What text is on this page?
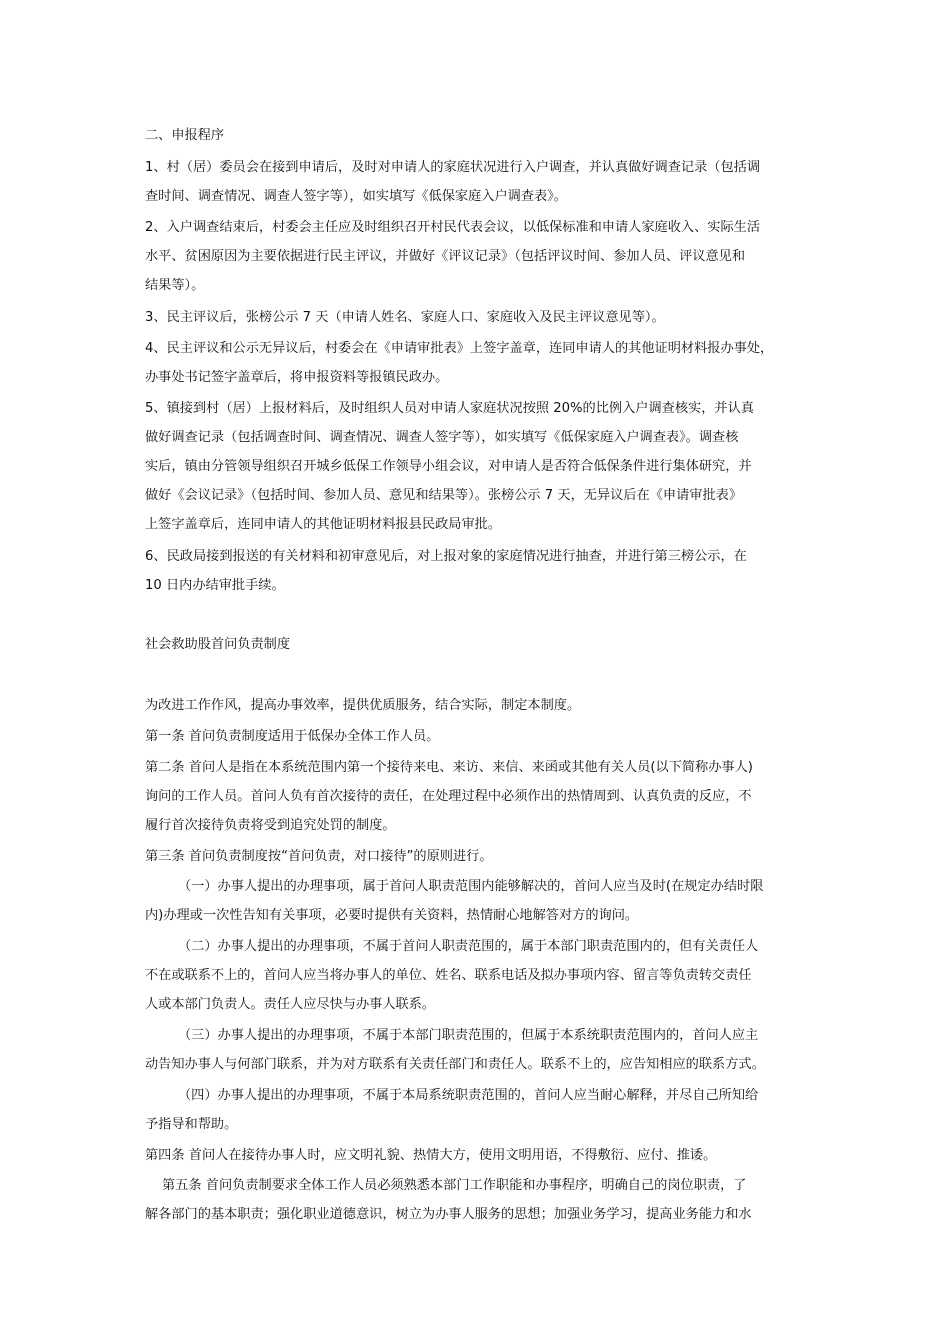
二、申报程序

1、村（居）委员会在接到申请后，及时对申请人的家庭状况进行入户调查，并认真做好调查记录（包括调

查时间、调查情况、调查人签字等），如实填写《低保家庭入户调查表》。

2、入户调查结束后，村委会主任应及时组织召开村民代表会议，以低保标准和申请人家庭收入、实际生活

水平、贫困原因为主要依据进行民主评议，并做好《评议记录》（包括评议时间、参加人员、评议意见和

结果等）。

3、民主评议后，张榜公示 7 天（申请人姓名、家庭人口、家庭收入及民主评议意见等）。

4、民主评议和公示无异议后，村委会在《申请审批表》上签字盖章，连同申请人的其他证明材料报办事处，

办事处书记签字盖章后，将申报资料等报镇民政办。

5、镇接到村（居）上报材料后，及时组织人员对申请人家庭状况按照 20%的比例入户调查核实，并认真

做好调查记录（包括调查时间、调查情况、调查人签字等），如实填写《低保家庭入户调查表》。调查核

实后，镇由分管领导组织召开城乡低保工作领导小组会议，对申请人是否符合低保条件进行集体研究，并

做好《会议记录》（包括时间、参加人员、意见和结果等）。张榜公示 7 天，无异议后在《申请审批表》

上签字盖章后，连同申请人的其他证明材料报县民政局审批。

6、民政局接到报送的有关材料和初审意见后，对上报对象的家庭情况进行抽查，并进行第三榜公示，在

10 日内办结审批手续。

社会救助股首问负责制度

为改进工作作风，提高办事效率，提供优质服务，结合实际，制定本制度。

第一条 首问负责制度适用于低保办全体工作人员。

第二条 首问人是指在本系统范围内第一个接待来电、来访、来信、来函或其他有关人员(以下简称办事人)

询问的工作人员。首问人负有首次接待的责任，在处理过程中必须作出的热情周到、认真负责的反应，不

履行首次接待负责将受到追究处罚的制度。

第三条 首问负责制度按“首问负责，对口接待”的原则进行。

（一）办事人提出的办理事项，属于首问人职责范围内能够解决的，首问人应当及时(在规定办结时限

内)办理或一次性告知有关事项，必要时提供有关资料，热情耐心地解答对方的询问。

（二）办事人提出的办理事项，不属于首问人职责范围的，属于本部门职责范围内的，但有关责任人

不在或联系不上的，首问人应当将办事人的单位、姓名、联系电话及拟办事项内容、留言等负责转交责任

人或本部门负责人。责任人应尽快与办事人联系。

（三）办事人提出的办理事项，不属于本部门职责范围的，但属于本系统职责范围内的，首问人应主

动告知办事人与何部门联系，并为对方联系有关责任部门和责任人。联系不上的，应告知相应的联系方式。

（四）办事人提出的办理事项，不属于本局系统职责范围的，首问人应当耐心解释，并尽自己所知给

予指导和帮助。

第四条 首问人在接待办事人时，应文明礼貌、热情大方，使用文明用语，不得敷衍、应付、推诿。

第五条 首问负责制要求全体工作人员必须熟悉本部门工作职能和办事程序，明确自己的岗位职责，了

解各部门的基本职责；强化职业道德意识，树立为办事人服务的思想；加强业务学习，提高业务能力和水
